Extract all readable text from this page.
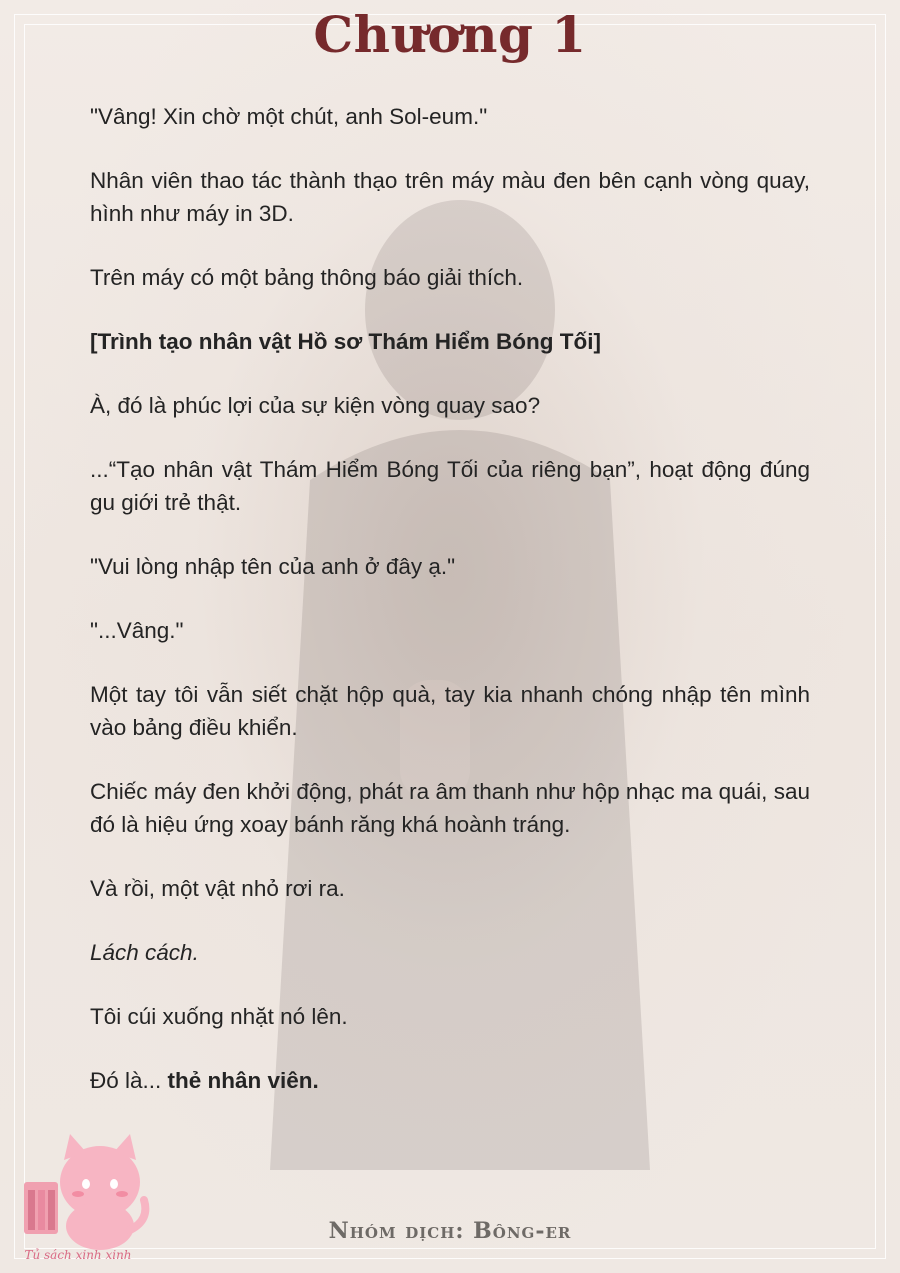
Chương 1

"Vâng! Xin chờ một chút, anh Sol-eum."

Nhân viên thao tác thành thạo trên máy màu đen bên cạnh vòng quay, hình như máy in 3D.

Trên máy có một bảng thông báo giải thích.

[Trình tạo nhân vật Hồ sơ Thám Hiểm Bóng Tối]

À, đó là phúc lợi của sự kiện vòng quay sao?

...“Tạo nhân vật Thám Hiểm Bóng Tối của riêng bạn”, hoạt động đúng gu giới trẻ thật.

"Vui lòng nhập tên của anh ở đây ạ."

"...Vâng."

Một tay tôi vẫn siết chặt hộp quà, tay kia nhanh chóng nhập tên mình vào bảng điều khiển.

Chiếc máy đen khởi động, phát ra âm thanh như hộp nhạc ma quái, sau đó là hiệu ứng xoay bánh răng khá hoành tráng.

Và rồi, một vật nhỏ rơi ra.

Lách cách.

Tôi cúi xuống nhặt nó lên.

Đó là... thẻ nhân viên.

Tủ sách xinh xinh
Nhóm dịch: Bông-er
